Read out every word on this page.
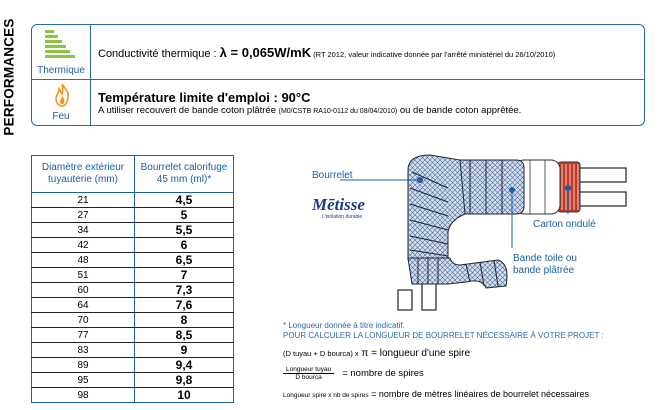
PERFORMANCES	Thermique
Conductivité thermique : λ = 0,065W/mK (RT 2012, valeur indicative donnée par l'arrêté ministériel du 26/10/2010)
Feu
Température limite d'emploi : 90°C
A utiliser recouvert de bande coton plâtrée (M0/CSTB RA10-0112 du 08/04/2010) ou de bande coton apprêtée.
Diamètre extérieur tuyauterie (mm)	Bourrelet calorifuge 45 mm (ml)*
21	4,5
27	5
34	5,5
42	6
48	6,5
51	7
60	7,3
64	7,6
70	8
77	8,5
83	9
89	9,4
95	9,8
98	10
Bourrelet
Mētisse
L'isolation durable
Carton ondulé
Bande toile ou
bande plâtrée
* Longueur donnée à titre indicatif.
POUR CALCULER LA LONGUEUR DE BOURRELET NÉCESSAIRE À VOTRE PROJET :
(D tuyau + D bourca) x π = longueur d'une spire
Longueur tuyau
D bourca	= nombre de spires
Longueur spire x nb de spires = nombre de mètres linéaires de bourrelet nécessaires
